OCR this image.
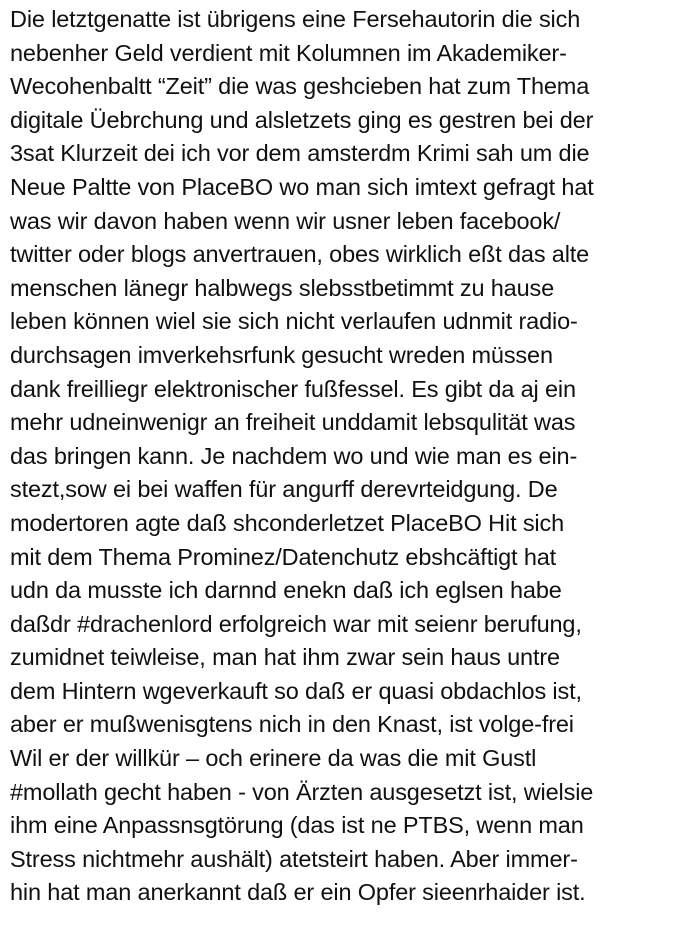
Die letztgenatte ist übrigens eine Fersehautorin die sich
nebenher Geld verdient mit Kolumnen im Akademiker-
Wecohenbaltt “Zeit” die was geshcieben hat zum Thema
digitale Üebrchung und alsletzets ging es gestren bei der
3sat Klurzeit dei ich vor dem amsterdm Krimi sah um die
Neue Paltte von PlaceBO wo man sich imtext gefragt hat
was wir davon haben wenn wir usner leben facebook/
twitter oder blogs anvertrauen, obes wirklich eßt das alte
menschen länegr halbwegs slebsstbetimmt zu hause
leben können wiel sie sich nicht verlaufen udnmit radio-
durchsagen imverkehsrfunk gesucht wreden müssen
dank freilliegr elektronischer fußfessel. Es gibt da aj ein
mehr udneinwenigr an freiheit unddamit lebsqulität was
das bringen kann. Je nachdem wo und wie man es ein-
stezt,sow ei bei waffen für angurff derevrteidgung. De
modertoren agte daß shconderletzet PlaceBO Hit sich
mit dem Thema Prominez/Datenchutz ebshcäftigt hat
udn da musste ich darnnd enekn daß ich eglsen habe
daßdr #drachenlord erfolgreich war mit seienr berufung,
zumidnet teiwleise, man hat ihm zwar sein haus untre
dem Hintern wgeverkauft so daß er quasi obdachlos ist,
aber er mußwenisgtens nich in den Knast, ist volge-frei
Wil er der willkür – och erinere da was die mit Gustl
#mollath gecht haben - von Ärzten ausgesetzt ist, wielsie
ihm eine Anpassnsgtörung (das ist ne PTBS, wenn man
Stress nichtmehr aushält) atetsteirt haben. Aber immer-
hin hat man anerkannt daß er ein Opfer sieenrhaider ist.
